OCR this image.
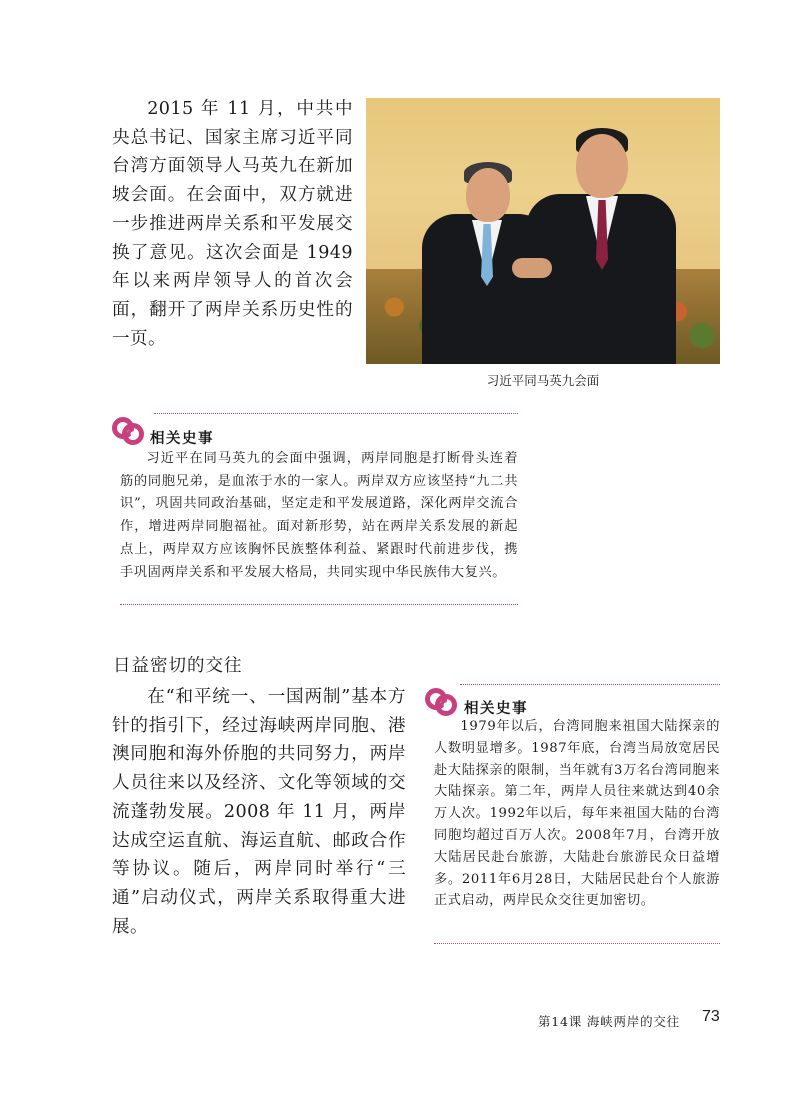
2015 年 11 月，中共中央总书记、国家主席习近平同台湾方面领导人马英九在新加坡会面。在会面中，双方就进一步推进两岸关系和平发展交换了意见。这次会面是 1949 年以来两岸领导人的首次会面，翻开了两岸关系历史性的一页。

习近平同马英九会面
相关史事

习近平在同马英九的会面中强调，两岸同胞是打断骨头连着筋的同胞兄弟，是血浓于水的一家人。两岸双方应该坚持“九二共识”，巩固共同政治基础，坚定走和平发展道路，深化两岸交流合作，增进两岸同胞福祉。面对新形势，站在两岸关系发展的新起点上，两岸双方应该胸怀民族整体利益、紧跟时代前进步伐，携手巩固两岸关系和平发展大格局，共同实现中华民族伟大复兴。

日益密切的交往

在“和平统一、一国两制”基本方针的指引下，经过海峡两岸同胞、港澳同胞和海外侨胞的共同努力，两岸人员往来以及经济、文化等领域的交流蓬勃发展。2008 年 11 月，两岸达成空运直航、海运直航、邮政合作等协议。随后，两岸同时举行“三通”启动仪式，两岸关系取得重大进展。

相关史事

1979年以后，台湾同胞来祖国大陆探亲的人数明显增多。1987年底，台湾当局放宽居民赴大陆探亲的限制，当年就有3万名台湾同胞来大陆探亲。第二年，两岸人员往来就达到40余万人次。1992年以后，每年来祖国大陆的台湾同胞均超过百万人次。2008年7月，台湾开放大陆居民赴台旅游，大陆赴台旅游民众日益增多。2011年6月28日，大陆居民赴台个人旅游正式启动，两岸民众交往更加密切。

第14课 海峡两岸的交往 73
